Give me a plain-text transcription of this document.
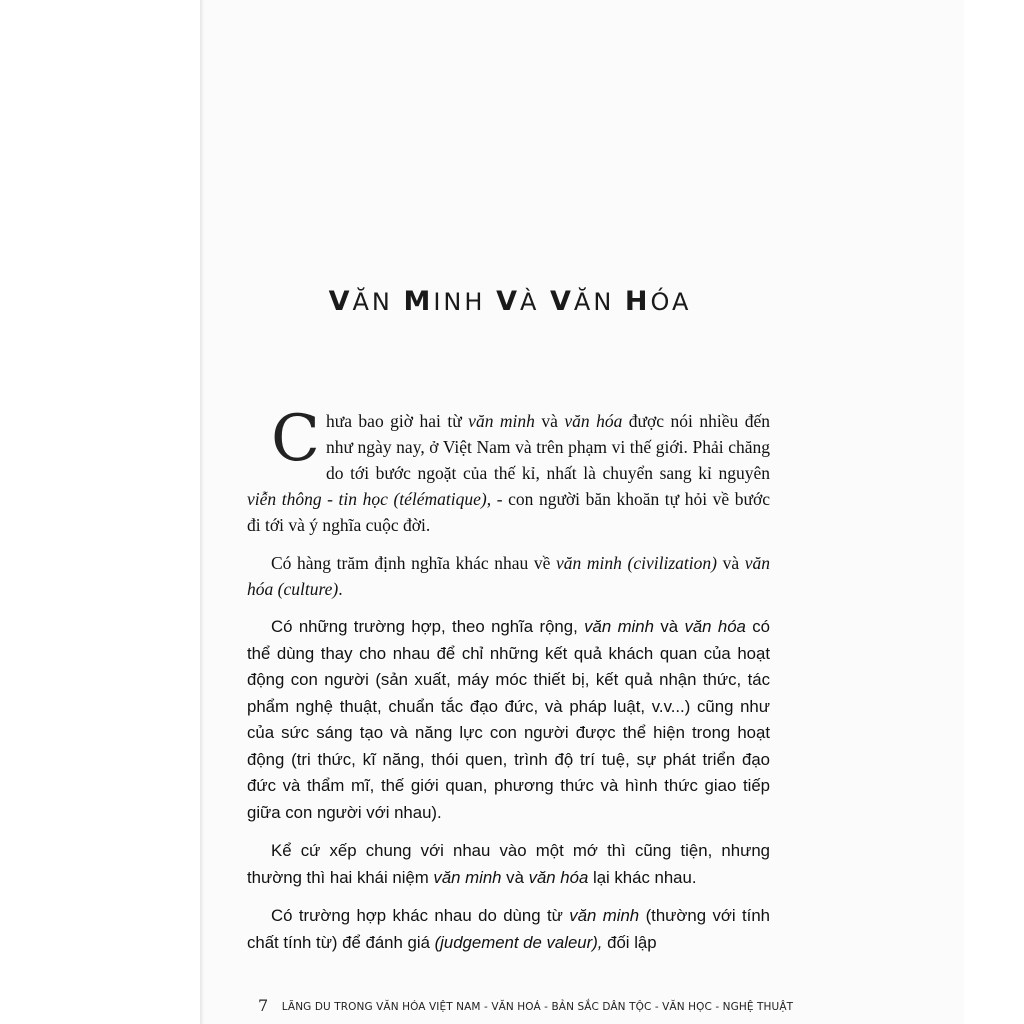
VĂN MINH VÀ VĂN HÓA

Chưa bao giờ hai từ văn minh và văn hóa được nói nhiều đến như ngày nay, ở Việt Nam và trên phạm vi thế giới. Phải chăng do tới bước ngoặt của thế kỉ, nhất là chuyển sang kỉ nguyên viễn thông - tin học (télématique), - con người băn khoăn tự hỏi về bước đi tới và ý nghĩa cuộc đời.

Có hàng trăm định nghĩa khác nhau về văn minh (civilization) và văn hóa (culture).

Có những trường hợp, theo nghĩa rộng, văn minh và văn hóa có thể dùng thay cho nhau để chỉ những kết quả khách quan của hoạt động con người (sản xuất, máy móc thiết bị, kết quả nhận thức, tác phẩm nghệ thuật, chuẩn tắc đạo đức, và pháp luật, v.v...) cũng như của sức sáng tạo và năng lực con người được thể hiện trong hoạt động (tri thức, kĩ năng, thói quen, trình độ trí tuệ, sự phát triển đạo đức và thẩm mĩ, thế giới quan, phương thức và hình thức giao tiếp giữa con người với nhau).

Kể cứ xếp chung với nhau vào một mớ thì cũng tiện, nhưng thường thì hai khái niệm văn minh và văn hóa lại khác nhau.

Có trường hợp khác nhau do dùng từ văn minh (thường với tính chất tính từ) để đánh giá (judgement de valeur), đối lập

7 LÃNG DU TRONG VĂN HÓA VIỆT NAM - VĂN HOÁ - BẢN SẮC DÂN TỘC - VĂN HỌC - NGHỆ THUẬT
